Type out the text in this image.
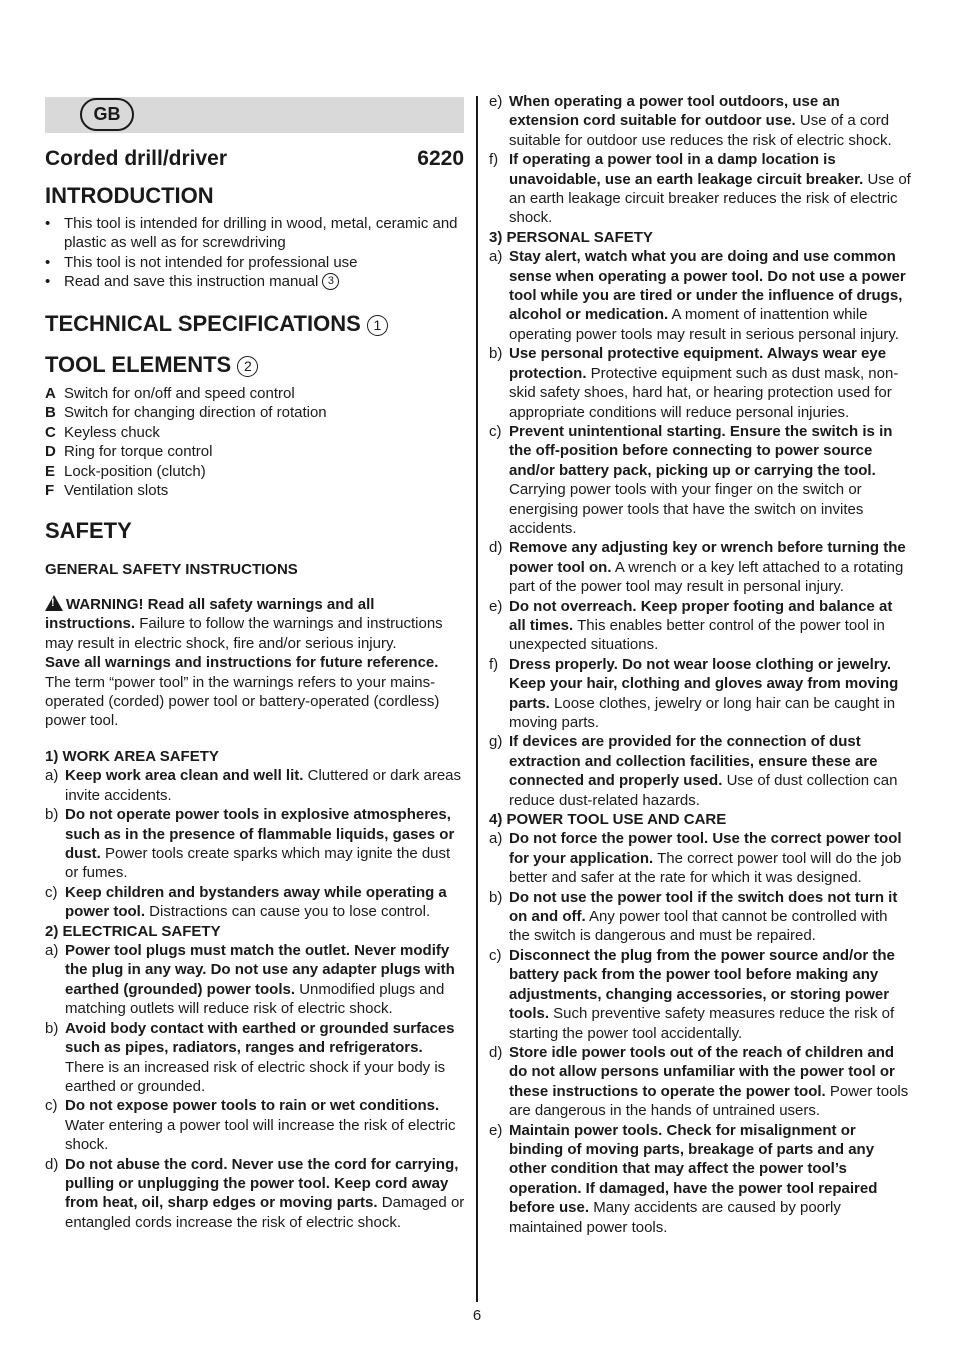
GB
Corded drill/driver	6220
INTRODUCTION
• This tool is intended for drilling in wood, metal, ceramic and plastic as well as for screwdriving
• This tool is not intended for professional use
• Read and save this instruction manual 3
TECHNICAL SPECIFICATIONS 1
TOOL ELEMENTS 2
A Switch for on/off and speed control
B Switch for changing direction of rotation
C Keyless chuck
D Ring for torque control
E Lock-position (clutch)
F Ventilation slots
SAFETY
GENERAL SAFETY INSTRUCTIONS
!WARNING! Read all safety warnings and all instructions. Failure to follow the warnings and instructions may result in electric shock, fire and/or serious injury.
Save all warnings and instructions for future reference. The term “power tool” in the warnings refers to your mains-operated (corded) power tool or battery-operated (cordless) power tool.
1) WORK AREA SAFETY
a) Keep work area clean and well lit. Cluttered or dark areas invite accidents.
b) Do not operate power tools in explosive atmospheres, such as in the presence of flammable liquids, gases or dust. Power tools create sparks which may ignite the dust or fumes.
c) Keep children and bystanders away while operating a power tool. Distractions can cause you to lose control.
2) ELECTRICAL SAFETY
a) Power tool plugs must match the outlet. Never modify the plug in any way. Do not use any adapter plugs with earthed (grounded) power tools. Unmodified plugs and matching outlets will reduce risk of electric shock.
b) Avoid body contact with earthed or grounded surfaces such as pipes, radiators, ranges and refrigerators. There is an increased risk of electric shock if your body is earthed or grounded.
c) Do not expose power tools to rain or wet conditions. Water entering a power tool will increase the risk of electric shock.
d) Do not abuse the cord. Never use the cord for carrying, pulling or unplugging the power tool. Keep cord away from heat, oil, sharp edges or moving parts. Damaged or entangled cords increase the risk of electric shock.
e) When operating a power tool outdoors, use an extension cord suitable for outdoor use. Use of a cord suitable for outdoor use reduces the risk of electric shock.
f) If operating a power tool in a damp location is unavoidable, use an earth leakage circuit breaker. Use of an earth leakage circuit breaker reduces the risk of electric shock.
3) PERSONAL SAFETY
a) Stay alert, watch what you are doing and use common sense when operating a power tool. Do not use a power tool while you are tired or under the influence of drugs, alcohol or medication. A moment of inattention while operating power tools may result in serious personal injury.
b) Use personal protective equipment. Always wear eye protection. Protective equipment such as dust mask, non-skid safety shoes, hard hat, or hearing protection used for appropriate conditions will reduce personal injuries.
c) Prevent unintentional starting. Ensure the switch is in the off-position before connecting to power source and/or battery pack, picking up or carrying the tool. Carrying power tools with your finger on the switch or energising power tools that have the switch on invites accidents.
d) Remove any adjusting key or wrench before turning the power tool on. A wrench or a key left attached to a rotating part of the power tool may result in personal injury.
e) Do not overreach. Keep proper footing and balance at all times. This enables better control of the power tool in unexpected situations.
f) Dress properly. Do not wear loose clothing or jewelry. Keep your hair, clothing and gloves away from moving parts. Loose clothes, jewelry or long hair can be caught in moving parts.
g) If devices are provided for the connection of dust extraction and collection facilities, ensure these are connected and properly used. Use of dust collection can reduce dust-related hazards.
4) POWER TOOL USE AND CARE
a) Do not force the power tool. Use the correct power tool for your application. The correct power tool will do the job better and safer at the rate for which it was designed.
b) Do not use the power tool if the switch does not turn it on and off. Any power tool that cannot be controlled with the switch is dangerous and must be repaired.
c) Disconnect the plug from the power source and/or the battery pack from the power tool before making any adjustments, changing accessories, or storing power tools. Such preventive safety measures reduce the risk of starting the power tool accidentally.
d) Store idle power tools out of the reach of children and do not allow persons unfamiliar with the power tool or these instructions to operate the power tool. Power tools are dangerous in the hands of untrained users.
e) Maintain power tools. Check for misalignment or binding of moving parts, breakage of parts and any other condition that may affect the power tool’s operation. If damaged, have the power tool repaired before use. Many accidents are caused by poorly maintained power tools.
6
